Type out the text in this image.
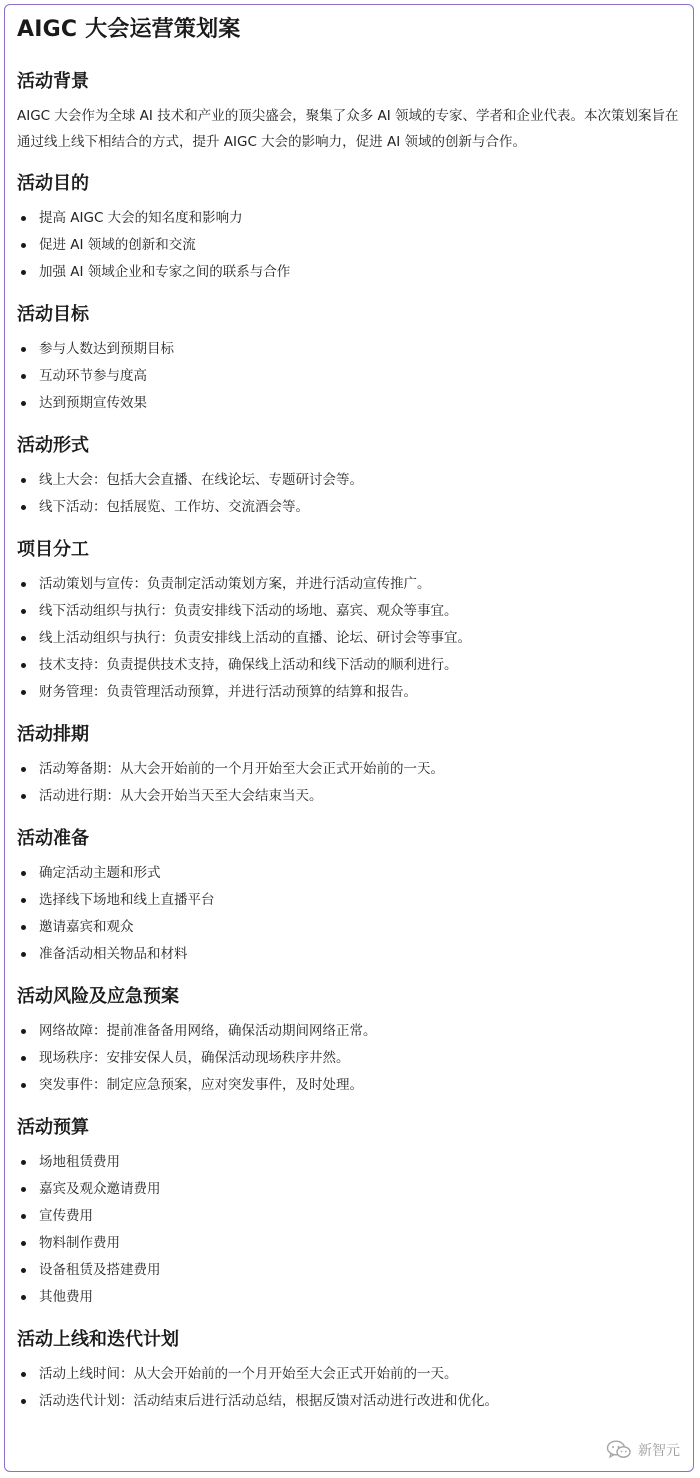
AIGC 大会运营策划案
活动背景

AIGC 大会作为全球 AI 技术和产业的顶尖盛会，聚集了众多 AI 领域的专家、学者和企业代表。本次策划案旨在通过线上线下相结合的方式，提升 AIGC 大会的影响力，促进 AI 领域的创新与合作。

活动目的
提高 AIGC 大会的知名度和影响力
促进 AI 领域的创新和交流
加强 AI 领域企业和专家之间的联系与合作
活动目标
参与人数达到预期目标
互动环节参与度高
达到预期宣传效果
活动形式
线上大会：包括大会直播、在线论坛、专题研讨会等。
线下活动：包括展览、工作坊、交流酒会等。
项目分工
活动策划与宣传：负责制定活动策划方案，并进行活动宣传推广。
线下活动组织与执行：负责安排线下活动的场地、嘉宾、观众等事宜。
线上活动组织与执行：负责安排线上活动的直播、论坛、研讨会等事宜。
技术支持：负责提供技术支持，确保线上活动和线下活动的顺利进行。
财务管理：负责管理活动预算，并进行活动预算的结算和报告。
活动排期
活动筹备期：从大会开始前的一个月开始至大会正式开始前的一天。
活动进行期：从大会开始当天至大会结束当天。
活动准备
确定活动主题和形式
选择线下场地和线上直播平台
邀请嘉宾和观众
准备活动相关物品和材料
活动风险及应急预案
网络故障：提前准备备用网络，确保活动期间网络正常。
现场秩序：安排安保人员，确保活动现场秩序井然。
突发事件：制定应急预案，应对突发事件，及时处理。
活动预算
场地租赁费用
嘉宾及观众邀请费用
宣传费用
物料制作费用
设备租赁及搭建费用
其他费用
活动上线和迭代计划
活动上线时间：从大会开始前的一个月开始至大会正式开始前的一天。
活动迭代计划：活动结束后进行活动总结，根据反馈对活动进行改进和优化。
新智元
